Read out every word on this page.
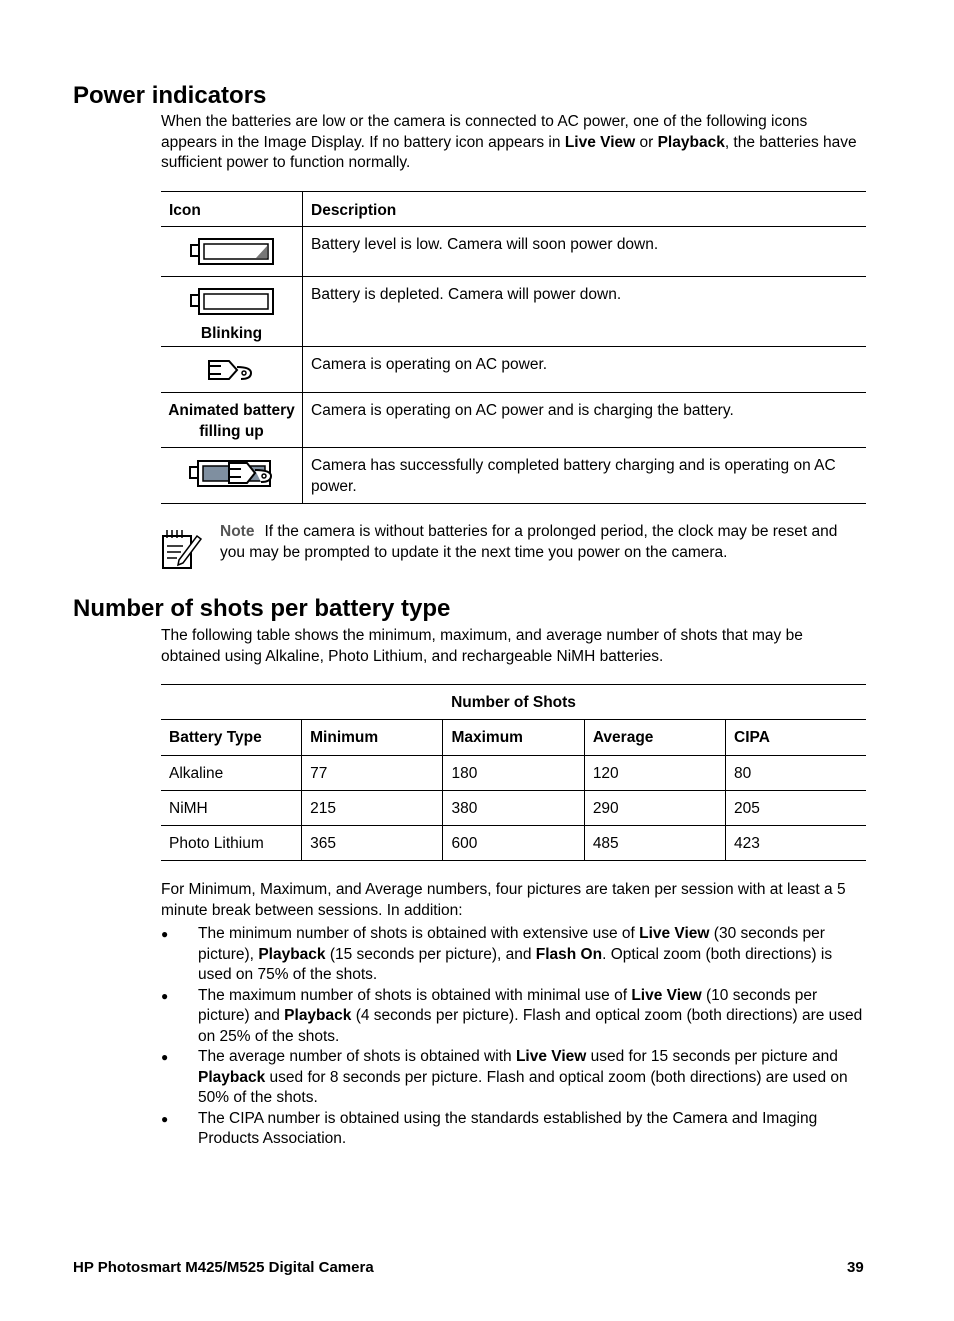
Power indicators

When the batteries are low or the camera is connected to AC power, one of the following icons appears in the Image Display. If no battery icon appears in Live View or Playback, the batteries have sufficient power to function normally.

Icon	Description
	Battery level is low. Camera will soon power down.

Blinking	Battery is depleted. Camera will power down.
	Camera is operating on AC power.

Animated battery filling up	Camera is operating on AC power and is charging the battery.
	Camera has successfully completed battery charging and is operating on AC power.

Note If the camera is without batteries for a prolonged period, the clock may be reset and you may be prompted to update it the next time you power on the camera.

Number of shots per battery type

The following table shows the minimum, maximum, and average number of shots that may be obtained using Alkaline, Photo Lithium, and rechargeable NiMH batteries.

Number of Shots				
Battery Type	Minimum	Maximum	Average	CIPA
Alkaline	77	180	120	80
NiMH	215	380	290	205
Photo Lithium	365	600	485	423

For Minimum, Maximum, and Average numbers, four pictures are taken per session with at least a 5 minute break between sessions. In addition:

● The minimum number of shots is obtained with extensive use of Live View (30 seconds per picture), Playback (15 seconds per picture), and Flash On. Optical zoom (both directions) is used on 75% of the shots.
● The maximum number of shots is obtained with minimal use of Live View (10 seconds per picture) and Playback (4 seconds per picture). Flash and optical zoom (both directions) are used on 25% of the shots.
● The average number of shots is obtained with Live View used for 15 seconds per picture and Playback used for 8 seconds per picture. Flash and optical zoom (both directions) are used on 50% of the shots.
● The CIPA number is obtained using the standards established by the Camera and Imaging Products Association.
HP Photosmart M425/M525 Digital Camera	39
